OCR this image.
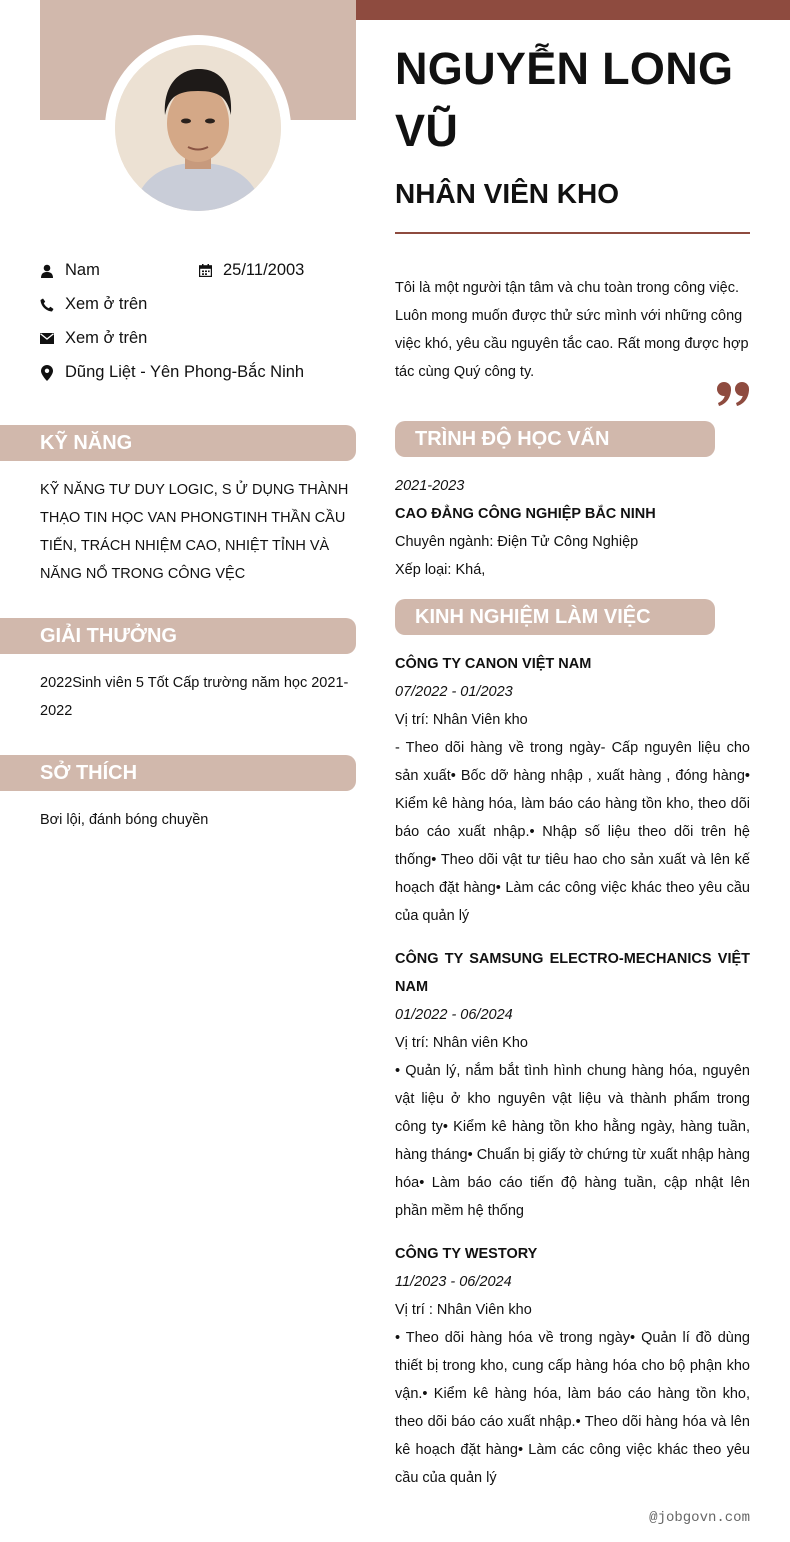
Nam	25/11/2003
Xem ở trên
Xem ở trên
Dũng Liệt - Yên Phong-Bắc Ninh
KỸ NĂNG
KỸ NĂNG TƯ DUY LOGIC, S Ử DỤNG THÀNH THẠO TIN HỌC VAN PHONGTINH THẦN CẦU TIẾN, TRÁCH NHIỆM CAO, NHIỆT TỈNH VÀ NĂNG NỔ TRONG CÔNG VỆC
GIẢI THƯỞNG
2022Sinh viên 5 Tốt Cấp trường năm học 2021-2022
SỞ THÍCH
Bơi lội, đánh bóng chuyền
NGUYỄN LONG VŨ
NHÂN VIÊN KHO
Tôi là một người tận tâm và chu toàn trong công việc. Luôn mong muốn được thử sức mình với những công việc khó, yêu cầu nguyên tắc cao. Rất mong được hợp tác cùng Quý công ty.
TRÌNH ĐỘ HỌC VẤN
2021-2023
CAO ĐẲNG CÔNG NGHIỆP BẮC NINH
Chuyên ngành: Điện Tử Công Nghiệp
Xếp loại: Khá,
KINH NGHIỆM LÀM VIỆC
CÔNG TY CANON VIỆT NAM
07/2022 - 01/2023
Vị trí: Nhân Viên kho
- Theo dõi hàng về trong ngày- Cấp nguyên liệu cho sản xuất• Bốc dỡ hàng nhập , xuất hàng , đóng hàng• Kiểm kê hàng hóa, làm báo cáo hàng tồn kho, theo dõi báo cáo xuất nhập.• Nhập số liệu theo dõi trên hệ thống• Theo dõi vật tư tiêu hao cho sản xuất và lên kế hoạch đặt hàng• Làm các công việc khác theo yêu cầu của quản lý
CÔNG TY SAMSUNG ELECTRO-MECHANICS VIỆT NAM
01/2022 - 06/2024
Vị trí: Nhân viên Kho
• Quản lý, nắm bắt tình hình chung hàng hóa, nguyên vật liệu ở kho nguyên vật liệu và thành phẩm trong công ty• Kiểm kê hàng tồn kho hằng ngày, hàng tuần, hàng tháng• Chuẩn bị giấy tờ chứng từ xuất nhập hàng hóa• Làm báo cáo tiến độ hàng tuần, cập nhật lên phần mềm hệ thống
CÔNG TY WESTORY
11/2023 - 06/2024
Vị trí : Nhân Viên kho
• Theo dõi hàng hóa về trong ngày• Quản lí đồ dùng thiết bị trong kho, cung cấp hàng hóa cho bộ phận kho vận.• Kiểm kê hàng hóa, làm báo cáo hàng tồn kho, theo dõi báo cáo xuất nhập.• Theo dõi hàng hóa và lên kê hoạch đặt hàng• Làm các công việc khác theo yêu cầu của quản lý
@jobgovn.com
